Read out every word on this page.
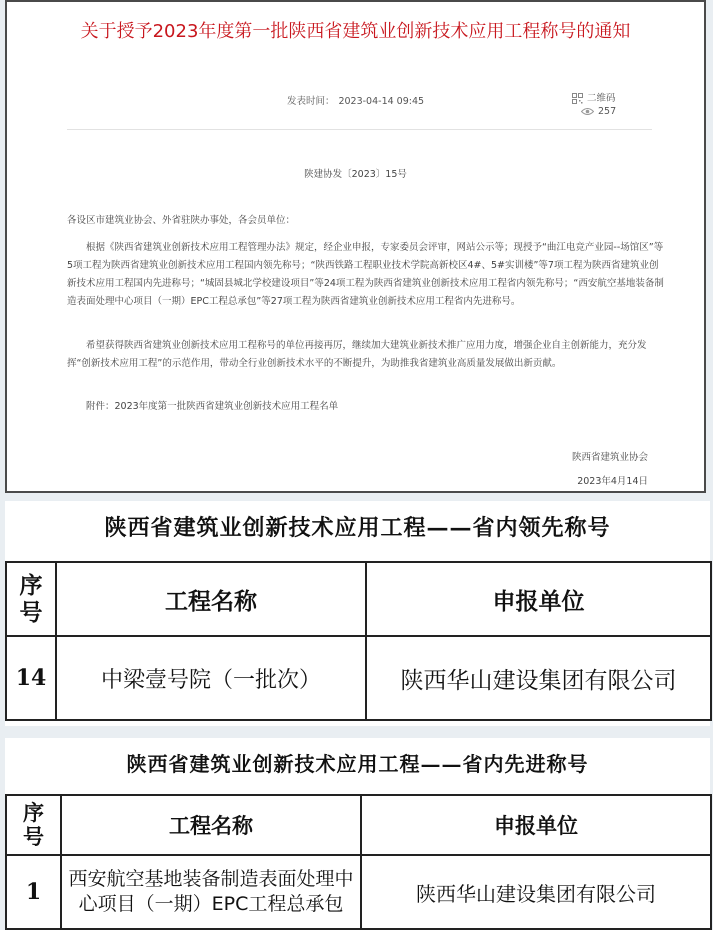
关于授予2023年度第一批陕西省建筑业创新技术应用工程称号的通知
发表时间： 2023-04-14 09:45	二维码
257
陕建协发〔2023〕15号
各设区市建筑业协会、外省驻陕办事处，各会员单位：
根据《陕西省建筑业创新技术应用工程管理办法》规定，经企业申报，专家委员会评审，网站公示等；现授予“曲江电竞产业园--场馆区”等5项工程为陕西省建筑业创新技术应用工程国内领先称号；“陕西铁路工程职业技术学院高新校区4#、5#实训楼”等7项工程为陕西省建筑业创新技术应用工程国内先进称号；“城固县城北学校建设项目”等24项工程为陕西省建筑业创新技术应用工程省内领先称号；“西安航空基地装备制造表面处理中心项目（一期）EPC工程总承包”等27项工程为陕西省建筑业创新技术应用工程省内先进称号。
希望获得陕西省建筑业创新技术应用工程称号的单位再接再厉，继续加大建筑业新技术推广应用力度，增强企业自主创新能力，充分发挥“创新技术应用工程”的示范作用，带动全行业创新技术水平的不断提升，为助推我省建筑业高质量发展做出新贡献。
附件：2023年度第一批陕西省建筑业创新技术应用工程名单
陕西省建筑业协会
2023年4月14日
陕西省建筑业创新技术应用工程——省内领先称号
序号	工程名称	申报单位
14	中梁壹号院（一批次）	陕西华山建设集团有限公司
陕西省建筑业创新技术应用工程——省内先进称号
序号	工程名称	申报单位
1	西安航空基地装备制造表面处理中心项目（一期）EPC工程总承包	陕西华山建设集团有限公司
